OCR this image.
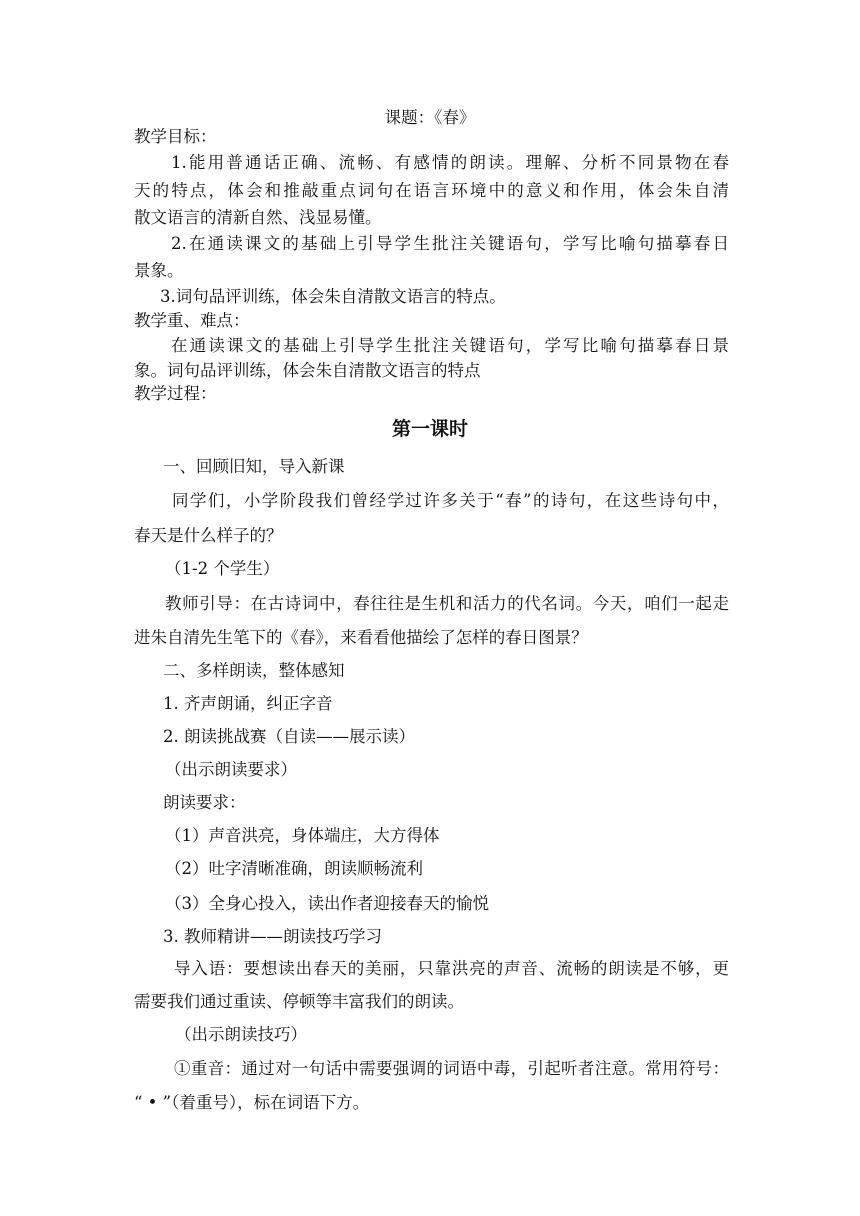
课题：《春》
教学目标：
1.能用普通话正确、流畅、有感情的朗读。理解、分析不同景物在春
天的特点，体会和推敲重点词句在语言环境中的意义和作用，体会朱自清
散文语言的清新自然、浅显易懂。
2.在通读课文的基础上引导学生批注关键语句，学写比喻句描摹春日
景象。
3.词句品评训练，体会朱自清散文语言的特点。
教学重、难点：
在通读课文的基础上引导学生批注关键语句，学写比喻句描摹春日景
象。词句品评训练，体会朱自清散文语言的特点
教学过程：
第一课时
一、回顾旧知，导入新课
同学们，小学阶段我们曾经学过许多关于“春”的诗句，在这些诗句中，
春天是什么样子的？
（1-2 个学生）
教师引导：在古诗词中，春往往是生机和活力的代名词。今天，咱们一起走
进朱自清先生笔下的《春》，来看看他描绘了怎样的春日图景？
二、多样朗读，整体感知
1. 齐声朗诵，纠正字音
2. 朗读挑战赛（自读——展示读）
（出示朗读要求）
朗读要求：
（1）声音洪亮，身体端庄，大方得体
（2）吐字清晰准确，朗读顺畅流利
（3）全身心投入，读出作者迎接春天的愉悦
3. 教师精讲——朗读技巧学习
导入语：要想读出春天的美丽，只靠洪亮的声音、流畅的朗读是不够，更
需要我们通过重读、停顿等丰富我们的朗读。
（出示朗读技巧）
①重音：通过对一句话中需要强调的词语中毒，引起听者注意。常用符号：
“ • ”（着重号），标在词语下方。
